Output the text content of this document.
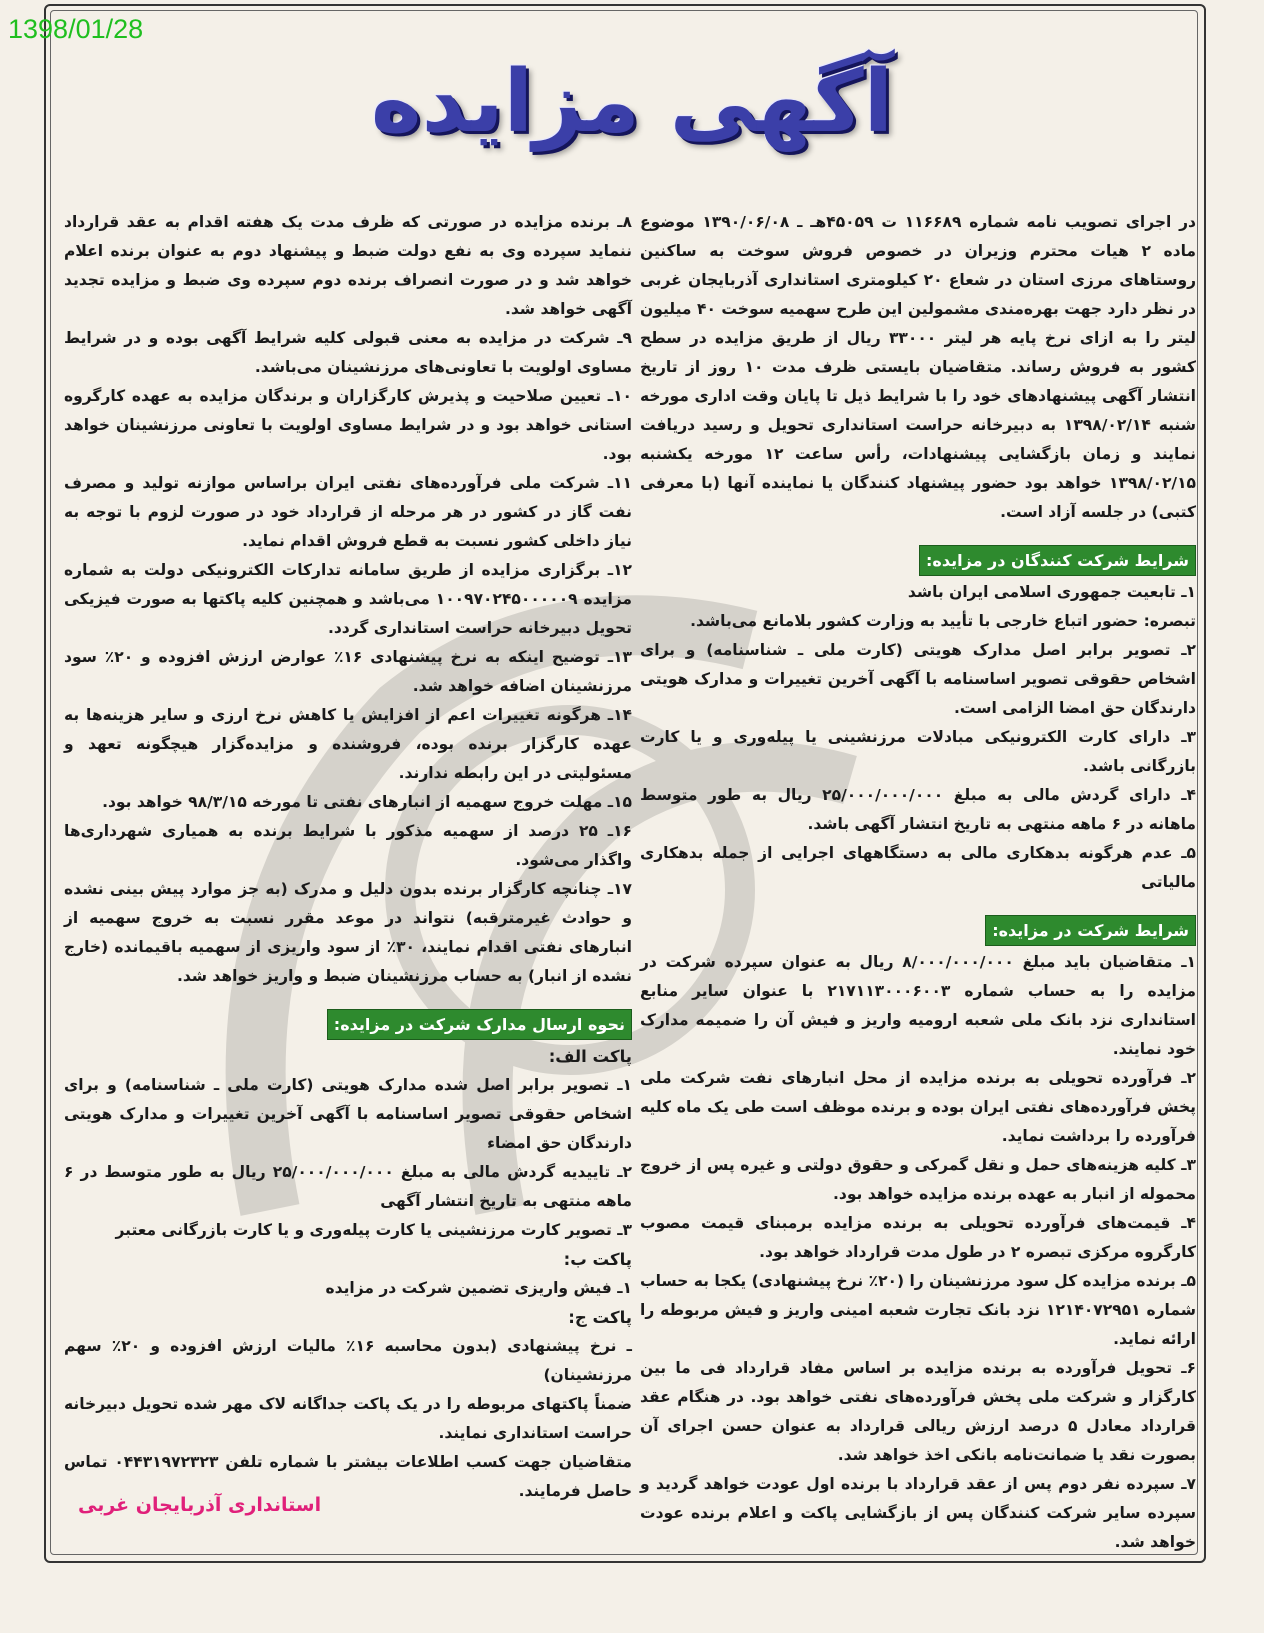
1398/01/28
آگهی مزایده

در اجرای تصویب نامه شماره ۱۱۶۶۸۹ ت ۴۵۰۵۹هـ ـ ۱۳۹۰/۰۶/۰۸ موضوع ماده ۲ هیات محترم وزیران در خصوص فروش سوخت به ساکنین روستاهای مرزی استان در شعاع ۲۰ کیلومتری استانداری آذربایجان غربی در نظر دارد جهت بهره‌مندی مشمولین این طرح سهمیه سوخت ۴۰ میلیون لیتر را به ازای نرخ پایه هر لیتر ۳۳۰۰۰ ریال از طریق مزایده در سطح کشور به فروش رساند. متقاضیان بایستی ظرف مدت ۱۰ روز از تاریخ انتشار آگهی پیشنهادهای خود را با شرایط ذیل تا پایان وقت اداری مورخه شنبه ۱۳۹۸/۰۲/۱۴ به دبیرخانه حراست استانداری تحویل و رسید دریافت نمایند و زمان بازگشایی پیشنهادات، رأس ساعت ۱۲ مورخه یکشنبه ۱۳۹۸/۰۲/۱۵ خواهد بود حضور پیشنهاد کنندگان یا نماینده آنها (با معرفی کتبی) در جلسه آزاد است.

شرایط شرکت کنندگان در مزایده:

۱ـ تابعیت جمهوری اسلامی ایران باشد

تبصره: حضور اتباع خارجی با تأیید به وزارت کشور بلامانع می‌باشد.

۲ـ تصویر برابر اصل مدارک هویتی (کارت ملی ـ شناسنامه) و برای اشخاص حقوقی تصویر اساسنامه با آگهی آخرین تغییرات و مدارک هویتی دارندگان حق امضا الزامی است.

۳ـ دارای کارت الکترونیکی مبادلات مرزنشینی یا پیله‌وری و یا کارت بازرگانی باشد.

۴ـ دارای گردش مالی به مبلغ ۲۵/۰۰۰/۰۰۰/۰۰۰ ریال به طور متوسط ماهانه در ۶ ماهه منتهی به تاریخ انتشار آگهی باشد.

۵ـ عدم هرگونه بدهکاری مالی به دستگاههای اجرایی از جمله بدهکاری مالیاتی

شرایط شرکت در مزایده:

۱ـ متقاضیان باید مبلغ ۸/۰۰۰/۰۰۰/۰۰۰ ریال به عنوان سپرده شرکت در مزایده را به حساب شماره ۲۱۷۱۱۳۰۰۰۶۰۰۳ با عنوان سایر منابع استانداری نزد بانک ملی شعبه ارومیه واریز و فیش آن را ضمیمه مدارک خود نمایند.

۲ـ فرآورده تحویلی به برنده مزایده از محل انبارهای نفت شرکت ملی پخش فرآورده‌های نفتی ایران بوده و برنده موظف است طی یک ماه کلیه فرآورده را برداشت نماید.

۳ـ کلیه هزینه‌های حمل و نقل گمرکی و حقوق دولتی و غیره پس از خروج محموله از انبار به عهده برنده مزایده خواهد بود.

۴ـ قیمت‌های فرآورده تحویلی به برنده مزایده برمبنای قیمت مصوب کارگروه مرکزی تبصره ۲ در طول مدت قرارداد خواهد بود.

۵ـ برنده مزایده کل سود مرزنشینان را (۲۰٪ نرخ پیشنهادی) یکجا به حساب شماره ۱۲۱۴۰۷۲۹۵۱ نزد بانک تجارت شعبه امینی واریز و فیش مربوطه را ارائه نماید.

۶ـ تحویل فرآورده به برنده مزایده بر اساس مفاد قرارداد فی ما بین کارگزار و شرکت ملی پخش فرآورده‌های نفتی خواهد بود. در هنگام عقد قرارداد معادل ۵ درصد ارزش ریالی قرارداد به عنوان حسن اجرای آن بصورت نقد یا ضمانت‌نامه بانکی اخذ خواهد شد.

۷ـ سپرده نفر دوم پس از عقد قرارداد با برنده اول عودت خواهد گردید و سپرده سایر شرکت کنندگان پس از بازگشایی پاکت و اعلام برنده عودت خواهد شد.

۸ـ برنده مزایده در صورتی که ظرف مدت یک هفته اقدام به عقد قرارداد ننماید سپرده وی به نفع دولت ضبط و پیشنهاد دوم به عنوان برنده اعلام خواهد شد و در صورت انصراف برنده دوم سپرده وی ضبط و مزایده تجدید آگهی خواهد شد.

۹ـ شرکت در مزایده به معنی قبولی کلیه شرایط آگهی بوده و در شرایط مساوی اولویت با تعاونی‌های مرزنشینان می‌باشد.

۱۰ـ تعیین صلاحیت و پذیرش کارگزاران و برندگان مزایده به عهده کارگروه استانی خواهد بود و در شرایط مساوی اولویت با تعاونی مرزنشینان خواهد بود.

۱۱ـ شرکت ملی فرآورده‌های نفتی ایران براساس موازنه تولید و مصرف نفت گاز در کشور در هر مرحله از قرارداد خود در صورت لزوم با توجه به نیاز داخلی کشور نسبت به قطع فروش اقدام نماید.

۱۲ـ برگزاری مزایده از طریق سامانه تدارکات الکترونیکی دولت به شماره مزایده ۱۰۰۹۷۰۲۴۵۰۰۰۰۰۹ می‌باشد و همچنین کلیه پاکتها به صورت فیزیکی تحویل دبیرخانه حراست استانداری گردد.

۱۳ـ توضیح اینکه به نرخ پیشنهادی ۱۶٪ عوارض ارزش افزوده و ۲۰٪ سود مرزنشینان اضافه خواهد شد.

۱۴ـ هرگونه تغییرات اعم از افزایش یا کاهش نرخ ارزی و سایر هزینه‌ها به عهده کارگزار برنده بوده، فروشنده و مزایده‌گزار هیچگونه تعهد و مسئولیتی در این رابطه ندارند.

۱۵ـ مهلت خروج سهمیه از انبارهای نفتی تا مورخه ۹۸/۳/۱۵ خواهد بود.

۱۶ـ ۲۵ درصد از سهمیه مذکور با شرایط برنده به همیاری شهرداری‌ها واگذار می‌شود.

۱۷ـ چنانچه کارگزار برنده بدون دلیل و مدرک (به جز موارد پیش بینی نشده و حوادث غیرمترقبه) نتواند در موعد مقرر نسبت به خروج سهمیه از انبارهای نفتی اقدام نمایند، ۳۰٪ از سود واریزی از سهمیه باقیمانده (خارج نشده از انبار) به حساب مرزنشینان ضبط و واریز خواهد شد.

نحوه ارسال مدارک شرکت در مزایده:

پاکت الف:

۱ـ تصویر برابر اصل شده مدارک هویتی (کارت ملی ـ شناسنامه) و برای اشخاص حقوقی تصویر اساسنامه با آگهی آخرین تغییرات و مدارک هویتی دارندگان حق امضاء

۲ـ تاییدیه گردش مالی به مبلغ ۲۵/۰۰۰/۰۰۰/۰۰۰ ریال به طور متوسط در ۶ ماهه منتهی به تاریخ انتشار آگهی

۳ـ تصویر کارت مرزنشینی یا کارت پیله‌وری و یا کارت بازرگانی معتبر

پاکت ب:

۱ـ فیش واریزی تضمین شرکت در مزایده

پاکت ج:

ـ نرخ پیشنهادی (بدون محاسبه ۱۶٪ مالیات ارزش افزوده و ۲۰٪ سهم مرزنشینان)

ضمناً پاکتهای مربوطه را در یک پاکت جداگانه لاک مهر شده تحویل دبیرخانه حراست استانداری نمایند.

متقاضیان جهت کسب اطلاعات بیشتر با شماره تلفن ۰۴۴۳۱۹۷۲۳۲۳ تماس حاصل فرمایند.

استانداری آذربایجان غربی
